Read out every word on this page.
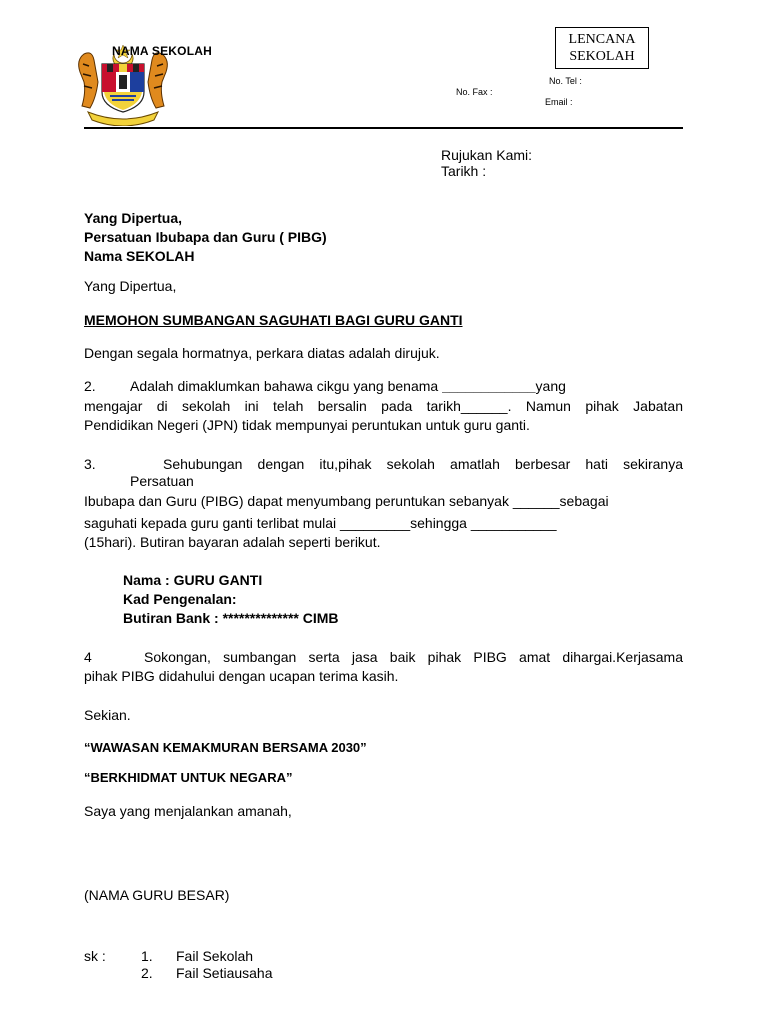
NAMA SEKOLAH
LENCANA
SEKOLAH
No. Tel :
No. Fax :
Email :
Rujukan Kami:
Tarikh :
Yang Dipertua,
Persatuan Ibubapa dan Guru ( PIBG)
Nama SEKOLAH
Yang Dipertua,
MEMOHON SUMBANGAN SAGUHATI BAGI GURU GANTI
Dengan segala hormatnya, perkara diatas adalah dirujuk.
2. Adalah dimaklumkan bahawa cikgu yang benama ____________yang
mengajar di sekolah ini telah bersalin pada tarikh______. Namun pihak Jabatan
Pendidikan Negeri (JPN) tidak mempunyai peruntukan untuk guru ganti.
3.	Sehubungan dengan itu,pihak sekolah amatlah berbesar hati sekiranya
Persatuan
Ibubapa dan Guru (PIBG) dapat menyumbang peruntukan sebanyak ______sebagai
saguhati kepada guru ganti terlibat mulai _________sehingga ___________
(15hari). Butiran bayaran adalah seperti berikut.
Nama : GURU GANTI
Kad Pengenalan:
Butiran Bank : ************** CIMB
4	Sokongan, sumbangan serta jasa baik pihak PIBG amat dihargai.Kerjasama
pihak PIBG didahului dengan ucapan terima kasih.
Sekian.
“WAWASAN KEMAKMURAN BERSAMA 2030”
“BERKHIDMAT UNTUK NEGARA”
Saya yang menjalankan amanah,
(NAMA GURU BESAR)
sk :	1. Fail Sekolah
2. Fail Setiausaha
